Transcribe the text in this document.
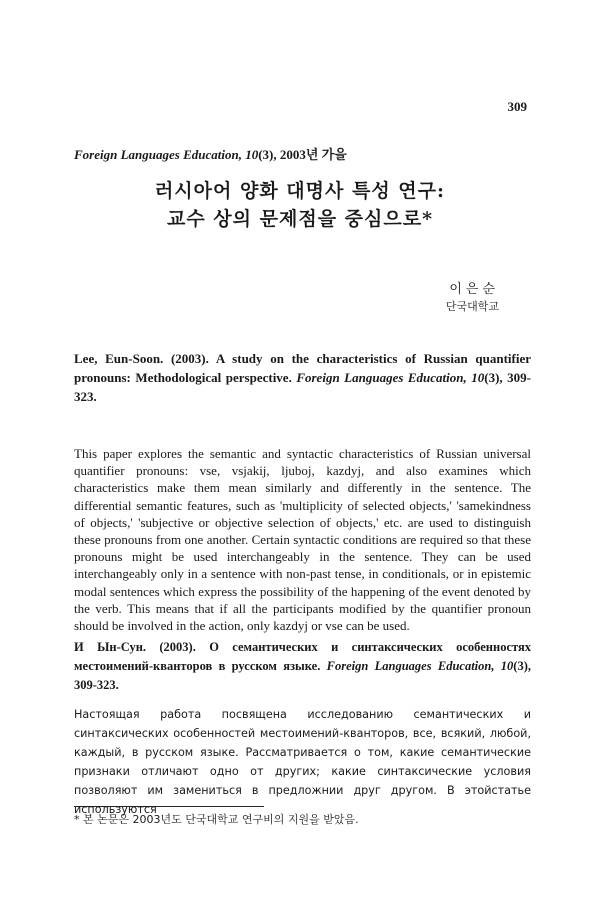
309
Foreign Languages Education, 10(3), 2003년 가을
러시아어 양화 대명사 특성 연구:
교수 상의 문제점을 중심으로*
이은순
단국대학교
Lee, Eun-Soon. (2003). A study on the characteristics of Russian quantifier pronouns: Methodological perspective. Foreign Languages Education, 10(3), 309-323.
This paper explores the semantic and syntactic characteristics of Russian universal quantifier pronouns: vse, vsjakij, ljuboj, kazdyj, and also examines which characteristics make them mean similarly and differently in the sentence. The differential semantic features, such as 'multiplicity of selected objects,' 'samekindness of objects,' 'subjective or objective selection of objects,' etc. are used to distinguish these pronouns from one another. Certain syntactic conditions are required so that these pronouns might be used interchangeably in the sentence. They can be used interchangeably only in a sentence with non-past tense, in conditionals, or in epistemic modal sentences which express the possibility of the happening of the event denoted by the verb. This means that if all the participants modified by the quantifier pronoun should be involved in the action, only kazdyj or vse can be used.
И Ын-Сун. (2003). О семантических и синтаксических особенностях местоимений-кванторов в русском языке. Foreign Languages Education, 10(3), 309-323.
Настоящая работа посвящена исследованию семантических и синтаксических особенностей местоимений-кванторов, все, всякий, любой, каждый, в русском языке. Рассматривается о том, какие семантические признаки отличают одно от других; какие синтаксические условия позволяют им замениться в предложнии друг другом. В этойстатье используются
* 본 논문은 2003년도 단국대학교 연구비의 지원을 받았음.
